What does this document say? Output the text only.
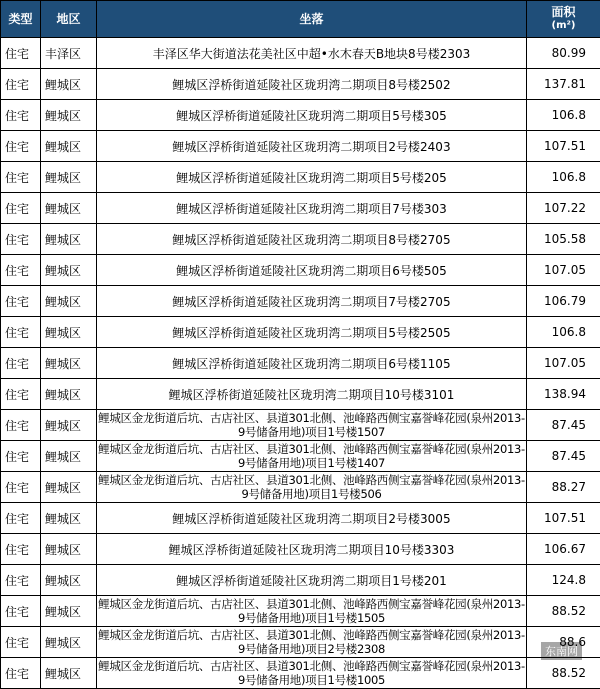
类型	地区	坐落	面积
(m²)

住宅	丰泽区	丰泽区华大街道法花美社区中超•水木春天B地块8号楼2303	80.99
住宅	鲤城区	鲤城区浮桥街道延陵社区珑玥湾二期项目8号楼2502	137.81
住宅	鲤城区	鲤城区浮桥街道延陵社区珑玥湾二期项目5号楼305	106.8
住宅	鲤城区	鲤城区浮桥街道延陵社区珑玥湾二期项目2号楼2403	107.51
住宅	鲤城区	鲤城区浮桥街道延陵社区珑玥湾二期项目5号楼205	106.8
住宅	鲤城区	鲤城区浮桥街道延陵社区珑玥湾二期项目7号楼303	107.22
住宅	鲤城区	鲤城区浮桥街道延陵社区珑玥湾二期项目8号楼2705	105.58
住宅	鲤城区	鲤城区浮桥街道延陵社区珑玥湾二期项目6号楼505	107.05
住宅	鲤城区	鲤城区浮桥街道延陵社区珑玥湾二期项目7号楼2705	106.79
住宅	鲤城区	鲤城区浮桥街道延陵社区珑玥湾二期项目5号楼2505	106.8
住宅	鲤城区	鲤城区浮桥街道延陵社区珑玥湾二期项目6号楼1105	107.05
住宅	鲤城区	鲤城区浮桥街道延陵社区珑玥湾二期项目10号楼3101	138.94
住宅	鲤城区	鲤城区金龙街道后坑、古店社区、县道301北侧、池峰路西侧宝嘉誉峰花园(泉州2013-9号储备用地)项目1号楼1507	87.45
住宅	鲤城区	鲤城区金龙街道后坑、古店社区、县道301北侧、池峰路西侧宝嘉誉峰花园(泉州2013-9号储备用地)项目1号楼1407	87.45
住宅	鲤城区	鲤城区金龙街道后坑、古店社区、县道301北侧、池峰路西侧宝嘉誉峰花园(泉州2013-9号储备用地)项目1号楼506	88.27
住宅	鲤城区	鲤城区浮桥街道延陵社区珑玥湾二期项目2号楼3005	107.51
住宅	鲤城区	鲤城区浮桥街道延陵社区珑玥湾二期项目10号楼3303	106.67
住宅	鲤城区	鲤城区浮桥街道延陵社区珑玥湾二期项目1号楼201	124.8
住宅	鲤城区	鲤城区金龙街道后坑、古店社区、县道301北侧、池峰路西侧宝嘉誉峰花园(泉州2013-9号储备用地)项目1号楼1505	88.52
住宅	鲤城区	鲤城区金龙街道后坑、古店社区、县道301北侧、池峰路西侧宝嘉誉峰花园(泉州2013-9号储备用地)项目2号楼2308	88.6
住宅	鲤城区	鲤城区金龙街道后坑、古店社区、县道301北侧、池峰路西侧宝嘉誉峰花园(泉州2013-9号储备用地)项目1号楼1005	88.52
东南网
